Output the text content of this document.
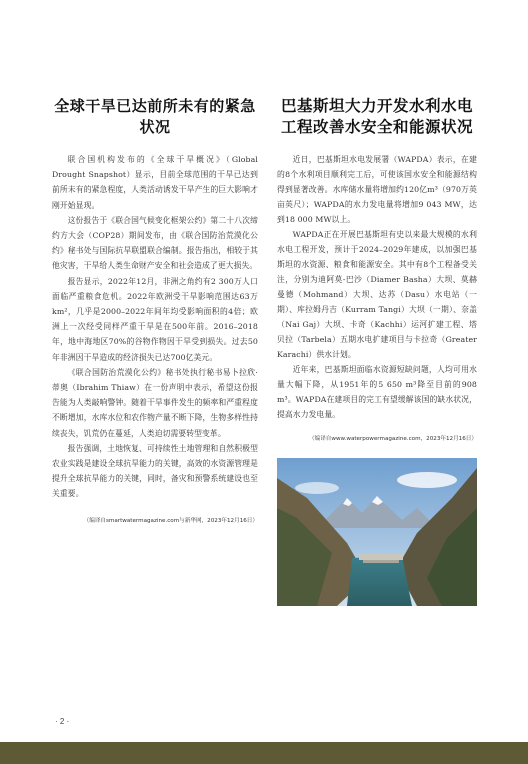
全球干旱已达前所未有的紧急状况

联合国机构发布的《全球干旱概况》（Global Drought Snapshot）显示，目前全球范围的干旱已达到前所未有的紧急程度，人类活动诱发干旱产生的巨大影响才刚开始显现。

这份报告于《联合国气候变化框架公约》第二十八次缔约方大会（COP28）期间发布，由《联合国防治荒漠化公约》秘书处与国际抗旱联盟联合编制。报告指出，相较于其他灾害，干旱给人类生命财产安全和社会造成了更大损失。

报告显示，2022年12月，非洲之角约有2 300万人口面临严重粮食危机。2022年欧洲受干旱影响范围达63万km²，几乎是2000–2022年间年均受影响面积的4倍；欧洲上一次经受同样严重干旱是在500年前。2016–2018年，地中海地区70%的谷物作物因干旱受到损失。过去50年非洲因干旱造成的经济损失已达700亿美元。

《联合国防治荒漠化公约》秘书处执行秘书易卜拉欣·蒂奥（Ibrahim Thiaw）在一份声明中表示，希望这份报告能为人类敲响警钟。随着干旱事件发生的频率和严重程度不断增加，水库水位和农作物产量不断下降，生物多样性持续丧失，饥荒仍在蔓延，人类迫切需要转型变革。

报告强调，土地恢复、可持续性土地管理和自然积极型农业实践是建设全球抗旱能力的关键，高效的水资源管理是提升全球抗旱能力的关键，同时，备灾和预警系统建设也至关重要。

（编译自smartwatermagazine.com与新华网，2023年12月16日）
巴基斯坦大力开发水利水电工程改善水安全和能源状况

近日，巴基斯坦水电发展署（WAPDA）表示，在建的8个水利项目顺利完工后，可使该国水安全和能源结构得到显著改善。水库储水量将增加约120亿m³（970万英亩英尺）；WAPDA的水力发电量将增加9 043 MW，达到18 000 MW以上。

WAPDA正在开展巴基斯坦有史以来最大规模的水利水电工程开发，预计于2024–2029年建成，以加强巴基斯坦的水资源、粮食和能源安全。其中有8个工程备受关注，分别为迪阿莫-巴沙（Diamer Basha）大坝、莫赫曼德（Mohmand）大坝、达苏（Dasu）水电站（一期）、库拉姆丹吉（Kurram Tangi）大坝（一期）、奈盖（Nai Gaj）大坝、卡奇（Kachhi）运河扩建工程、塔贝拉（Tarbela）五期水电扩建项目与卡拉奇（Greater Karachi）供水计划。

近年来，巴基斯坦面临水资源短缺问题，人均可用水量大幅下降，从1951年的5 650 m³降至目前的908 m³。WAPDA在建项目的完工有望缓解该国的缺水状况，提高水力发电量。

（编译自www.waterpowermagazine.com，2023年12月16日）
· 2 ·
